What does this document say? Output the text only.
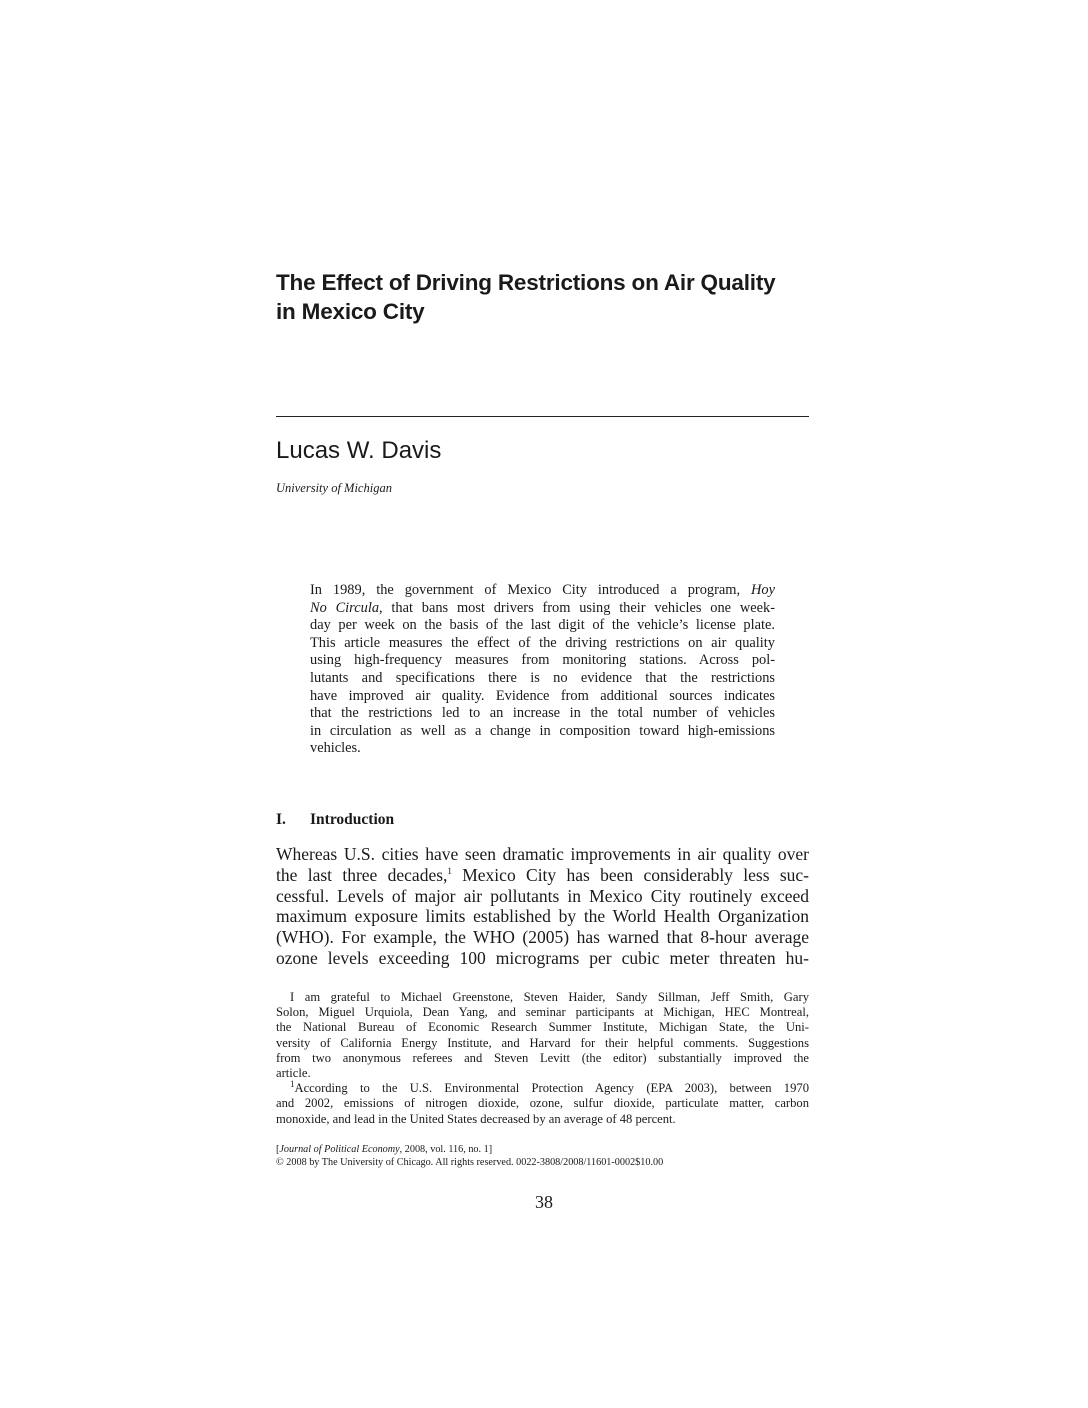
The Effect of Driving Restrictions on Air Quality
in Mexico City
Lucas W. Davis
University of Michigan
In 1989, the government of Mexico City introduced a program, Hoy
No Circula, that bans most drivers from using their vehicles one week-
day per week on the basis of the last digit of the vehicle’s license plate.
This article measures the effect of the driving restrictions on air quality
using high-frequency measures from monitoring stations. Across pol-
lutants and specifications there is no evidence that the restrictions
have improved air quality. Evidence from additional sources indicates
that the restrictions led to an increase in the total number of vehicles
in circulation as well as a change in composition toward high-emissions
vehicles.
I. Introduction
Whereas U.S. cities have seen dramatic improvements in air quality over
the last three decades,$^1$ Mexico City has been considerably less suc-
cessful. Levels of major air pollutants in Mexico City routinely exceed
maximum exposure limits established by the World Health Organization
(WHO). For example, the WHO (2005) has warned that 8-hour average
ozone levels exceeding 100 micrograms per cubic meter threaten hu-
I am grateful to Michael Greenstone, Steven Haider, Sandy Sillman, Jeff Smith, Gary
Solon, Miguel Urquiola, Dean Yang, and seminar participants at Michigan, HEC Montreal,
the National Bureau of Economic Research Summer Institute, Michigan State, the Uni-
versity of California Energy Institute, and Harvard for their helpful comments. Suggestions
from two anonymous referees and Steven Levitt (the editor) substantially improved the
article.
$^1$According to the U.S. Environmental Protection Agency (EPA 2003), between 1970
and 2002, emissions of nitrogen dioxide, ozone, sulfur dioxide, particulate matter, carbon
monoxide, and lead in the United States decreased by an average of 48 percent.
[Journal of Political Economy, 2008, vol. 116, no. 1]
© 2008 by The University of Chicago. All rights reserved. 0022-3808/2008/11601-0002$10.00
38
